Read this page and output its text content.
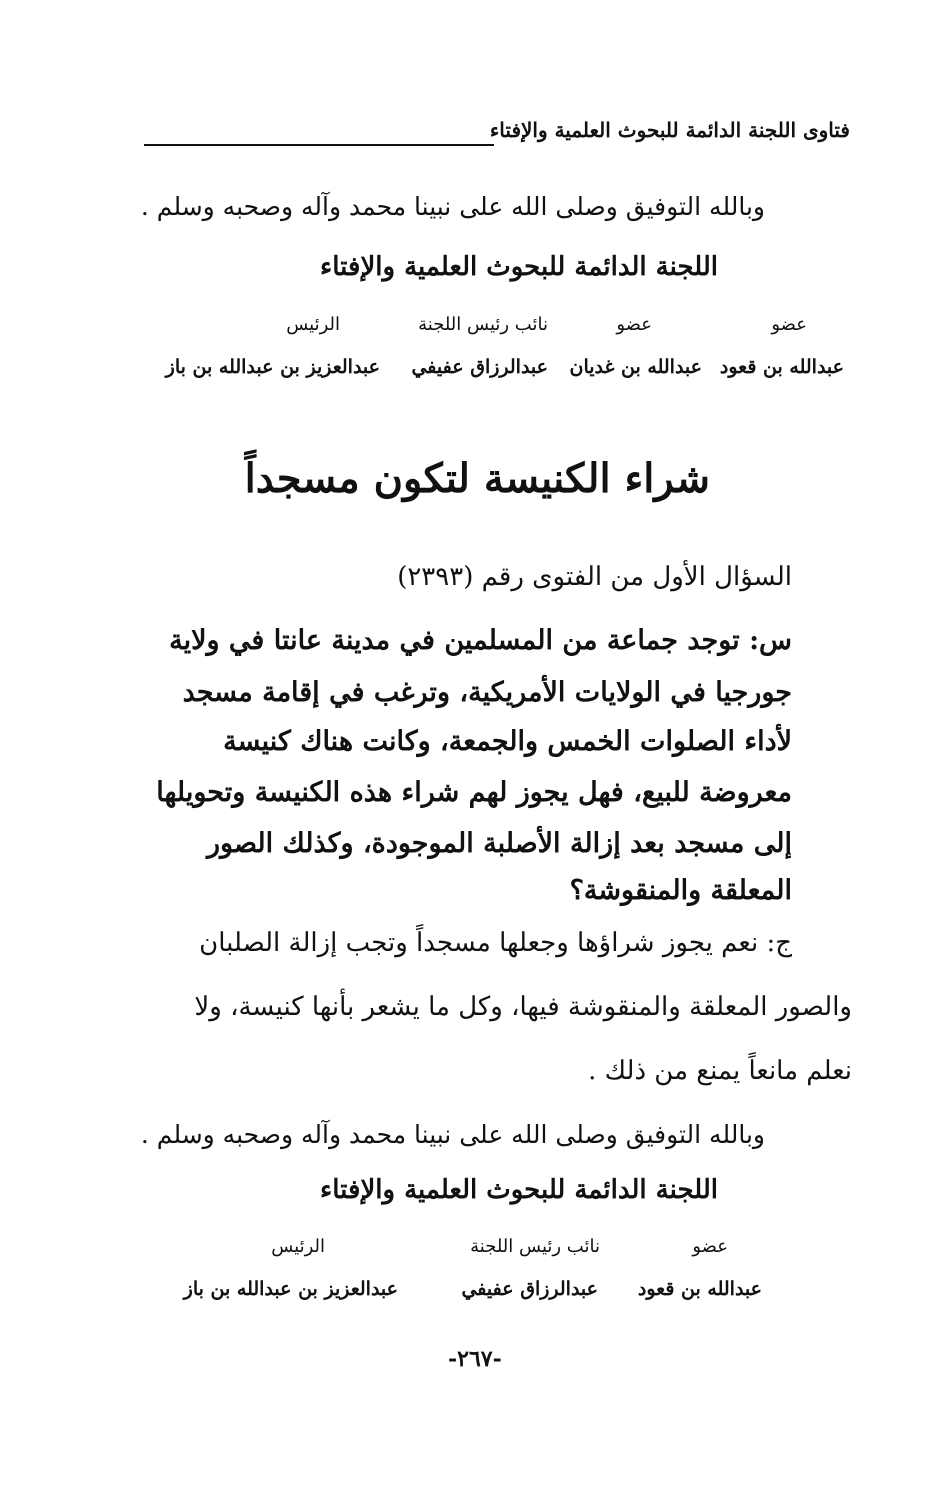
فتاوى اللجنة الدائمة للبحوث العلمية والإفتاء
وبالله التوفيق وصلى الله على نبينا محمد وآله وصحبه وسلم .
اللجنة الدائمة للبحوث العلمية والإفتاء
عضو
عضو
نائب رئيس اللجنة
الرئيس
عبدالله بن قعود
عبدالله بن غديان
عبدالرزاق عفيفي
عبدالعزيز بن عبدالله بن باز
شراء الكنيسة لتكون مسجداً
السؤال الأول من الفتوى رقم (٢٣٩٣)
س: توجد جماعة من المسلمين في مدينة عانتا في ولاية
جورجيا في الولايات الأمريكية، وترغب في إقامة مسجد
لأداء الصلوات الخمس والجمعة، وكانت هناك كنيسة
معروضة للبيع، فهل يجوز لهم شراء هذه الكنيسة وتحويلها
إلى مسجد بعد إزالة الأصلبة الموجودة، وكذلك الصور
المعلقة والمنقوشة؟
ج: نعم يجوز شراؤها وجعلها مسجداً وتجب إزالة الصلبان
والصور المعلقة والمنقوشة فيها، وكل ما يشعر بأنها كنيسة، ولا
نعلم مانعاً يمنع من ذلك .
وبالله التوفيق وصلى الله على نبينا محمد وآله وصحبه وسلم .
اللجنة الدائمة للبحوث العلمية والإفتاء
عضو
نائب رئيس اللجنة
الرئيس
عبدالله بن قعود
عبدالرزاق عفيفي
عبدالعزيز بن عبدالله بن باز
-٢٦٧-
